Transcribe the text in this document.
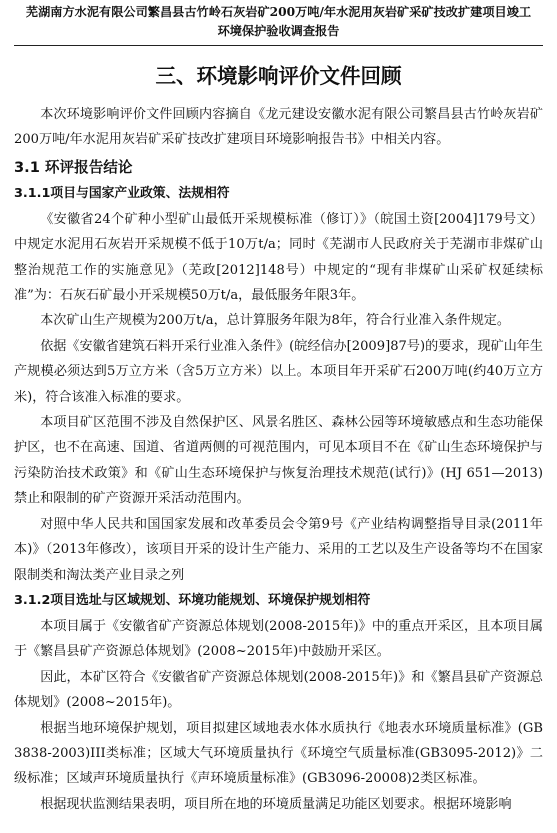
芜湖南方水泥有限公司繁昌县古竹岭石灰岩矿200万吨/年水泥用灰岩矿采矿技改扩建项目竣工环境保护验收调查报告
三、环境影响评价文件回顾

本次环境影响评价文件回顾内容摘自《龙元建设安徽水泥有限公司繁昌县古竹岭灰岩矿200万吨/年水泥用灰岩矿采矿技改扩建项目环境影响报告书》中相关内容。

3.1 环评报告结论
3.1.1项目与国家产业政策、法规相符

《安徽省24个矿种小型矿山最低开采规模标准（修订）》（皖国土资[2004]179号文）中规定水泥用石灰岩开采规模不低于10万t/a；同时《芜湖市人民政府关于芜湖市非煤矿山整治规范工作的实施意见》（芜政[2012]148号）中规定的“现有非煤矿山采矿权延续标准”为：石灰石矿最小开采规模50万t/a，最低服务年限3年。

本次矿山生产规模为200万t/a，总计算服务年限为8年，符合行业准入条件规定。

依据《安徽省建筑石料开采行业准入条件》(皖经信办[2009]87号)的要求，现矿山年生产规模必须达到5万立方米（含5万立方米）以上。本项目年开采矿石200万吨(约40万立方米)，符合该准入标准的要求。

本项目矿区范围不涉及自然保护区、风景名胜区、森林公园等环境敏感点和生态功能保护区，也不在高速、国道、省道两侧的可视范围内，可见本项目不在《矿山生态环境保护与污染防治技术政策》和《矿山生态环境保护与恢复治理技术规范(试行)》(HJ 651—2013)禁止和限制的矿产资源开采活动范围内。

对照中华人民共和国国家发展和改革委员会令第9号《产业结构调整指导目录(2011年本)》（2013年修改），该项目开采的设计生产能力、采用的工艺以及生产设备等均不在国家限制类和淘汰类产业目录之列

3.1.2项目选址与区域规划、环境功能规划、环境保护规划相符

本项目属于《安徽省矿产资源总体规划(2008-2015年)》中的重点开采区，且本项目属于《繁昌县矿产资源总体规划》(2008~2015年)中鼓励开采区。

因此，本矿区符合《安徽省矿产资源总体规划(2008-2015年)》和《繁昌县矿产资源总体规划》(2008~2015年)。

根据当地环境保护规划，项目拟建区域地表水体水质执行《地表水环境质量标准》(GB3838-2003)III类标准；区域大气环境质量执行《环境空气质量标准(GB3095-2012)》二级标准；区域声环境质量执行《声环境质量标准》(GB3096-20008)2类区标准。

根据现状监测结果表明，项目所在地的环境质量满足功能区划要求。根据环境影响
